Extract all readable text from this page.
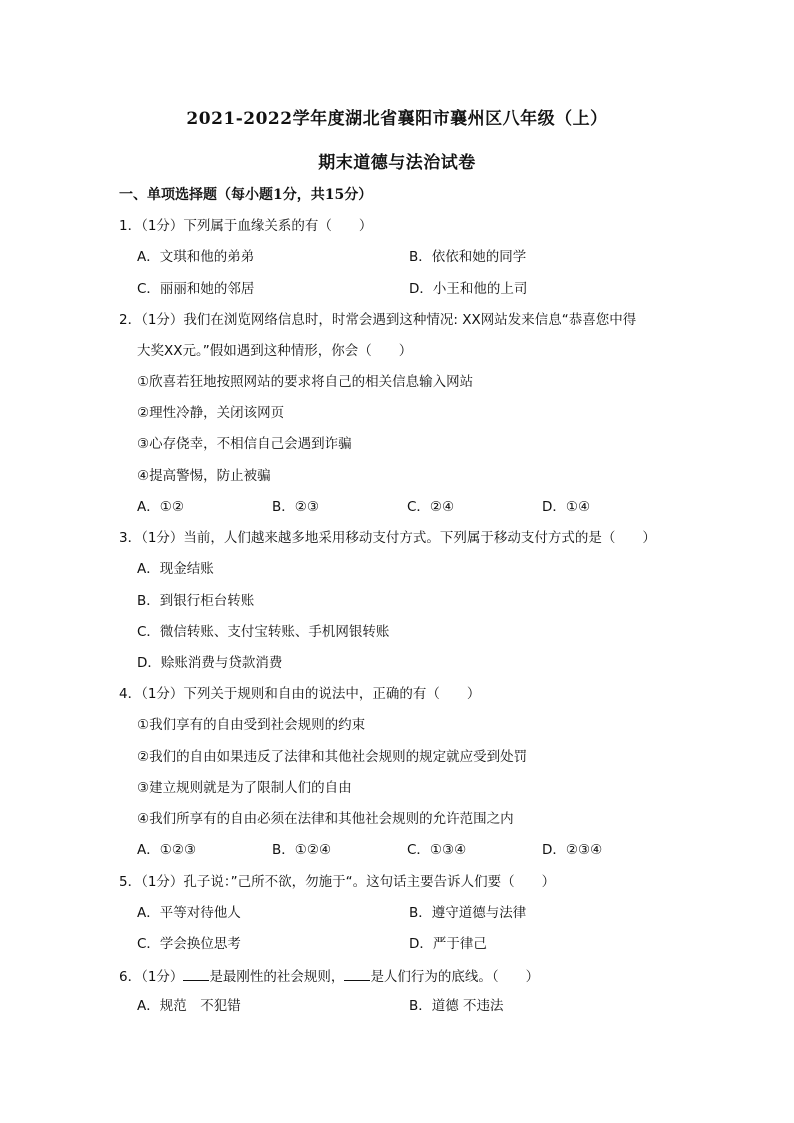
2021-2022学年度湖北省襄阳市襄州区八年级（上）
期末道德与法治试卷
一、单项选择题（每小题1分，共15分）
1．（1分）下列属于血缘关系的有（　　）
A．文琪和他的弟弟	B．依依和她的同学
C．丽丽和她的邻居	D．小王和他的上司
2．（1分）我们在浏览网络信息时，时常会遇到这种情况: XX网站发来信息“恭喜您中得
大奖XX元。”假如遇到这种情形，你会（　　）
①欣喜若狂地按照网站的要求将自己的相关信息输入网站
②理性冷静，关闭该网页
③心存侥幸，不相信自己会遇到诈骗
④提高警惕，防止被骗
A．①②	B．②③	C．②④	D．①④
3．（1分）当前，人们越来越多地采用移动支付方式。下列属于移动支付方式的是（　　）
A．现金结账
B．到银行柜台转账
C．微信转账、支付宝转账、手机网银转账
D．赊账消费与贷款消费
4．（1分）下列关于规则和自由的说法中，正确的有（　　）
①我们享有的自由受到社会规则的约束
②我们的自由如果违反了法律和其他社会规则的规定就应受到处罚
③建立规则就是为了限制人们的自由
④我们所享有的自由必须在法律和其他社会规则的允许范围之内
A．①②③	B．①②④	C．①③④	D．②③④
5．（1分）孔子说：”己所不欲，勿施于“。这句话主要告诉人们要（　　）
A．平等对待他人	B．遵守道德与法律
C．学会换位思考	D．严于律己
6．（1分） 是最刚性的社会规则， 是人们行为的底线。（　　）
A．规范　不犯错	B．道德 不违法
